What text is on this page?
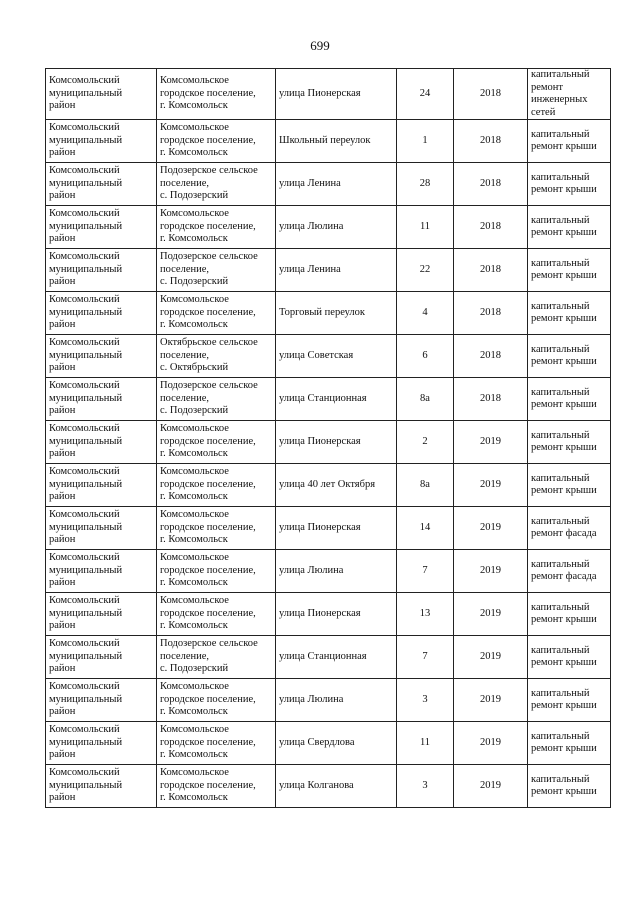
699
Комсомольский
муниципальный
район	Комсомольское
городское поселение,
г. Комсомольск	улица Пионерская	24	2018	капитальный
ремонт
инженерных
сетей

Комсомольский
муниципальный
район	Комсомольское
городское поселение,
г. Комсомольск	Школьный переулок	1	2018	капитальный
ремонт крыши

Комсомольский
муниципальный
район	Подозерское сельское
поселение,
с. Подозерский	улица Ленина	28	2018	капитальный
ремонт крыши

Комсомольский
муниципальный
район	Комсомольское
городское поселение,
г. Комсомольск	улица Люлина	11	2018	капитальный
ремонт крыши

Комсомольский
муниципальный
район	Подозерское сельское
поселение,
с. Подозерский	улица Ленина	22	2018	капитальный
ремонт крыши

Комсомольский
муниципальный
район	Комсомольское
городское поселение,
г. Комсомольск	Торговый переулок	4	2018	капитальный
ремонт крыши

Комсомольский
муниципальный
район	Октябрьское сельское
поселение,
с. Октябрьский	улица Советская	6	2018	капитальный
ремонт крыши

Комсомольский
муниципальный
район	Подозерское сельское
поселение,
с. Подозерский	улица Станционная	8а	2018	капитальный
ремонт крыши

Комсомольский
муниципальный
район	Комсомольское
городское поселение,
г. Комсомольск	улица Пионерская	2	2019	капитальный
ремонт крыши

Комсомольский
муниципальный
район	Комсомольское
городское поселение,
г. Комсомольск	улица 40 лет Октября	8а	2019	капитальный
ремонт крыши

Комсомольский
муниципальный
район	Комсомольское
городское поселение,
г. Комсомольск	улица Пионерская	14	2019	капитальный
ремонт фасада

Комсомольский
муниципальный
район	Комсомольское
городское поселение,
г. Комсомольск	улица Люлина	7	2019	капитальный
ремонт фасада

Комсомольский
муниципальный
район	Комсомольское
городское поселение,
г. Комсомольск	улица Пионерская	13	2019	капитальный
ремонт крыши

Комсомольский
муниципальный
район	Подозерское сельское
поселение,
с. Подозерский	улица Станционная	7	2019	капитальный
ремонт крыши

Комсомольский
муниципальный
район	Комсомольское
городское поселение,
г. Комсомольск	улица Люлина	3	2019	капитальный
ремонт крыши

Комсомольский
муниципальный
район	Комсомольское
городское поселение,
г. Комсомольск	улица Свердлова	11	2019	капитальный
ремонт крыши

Комсомольский
муниципальный
район	Комсомольское
городское поселение,
г. Комсомольск	улица Колганова	3	2019	капитальный
ремонт крыши
